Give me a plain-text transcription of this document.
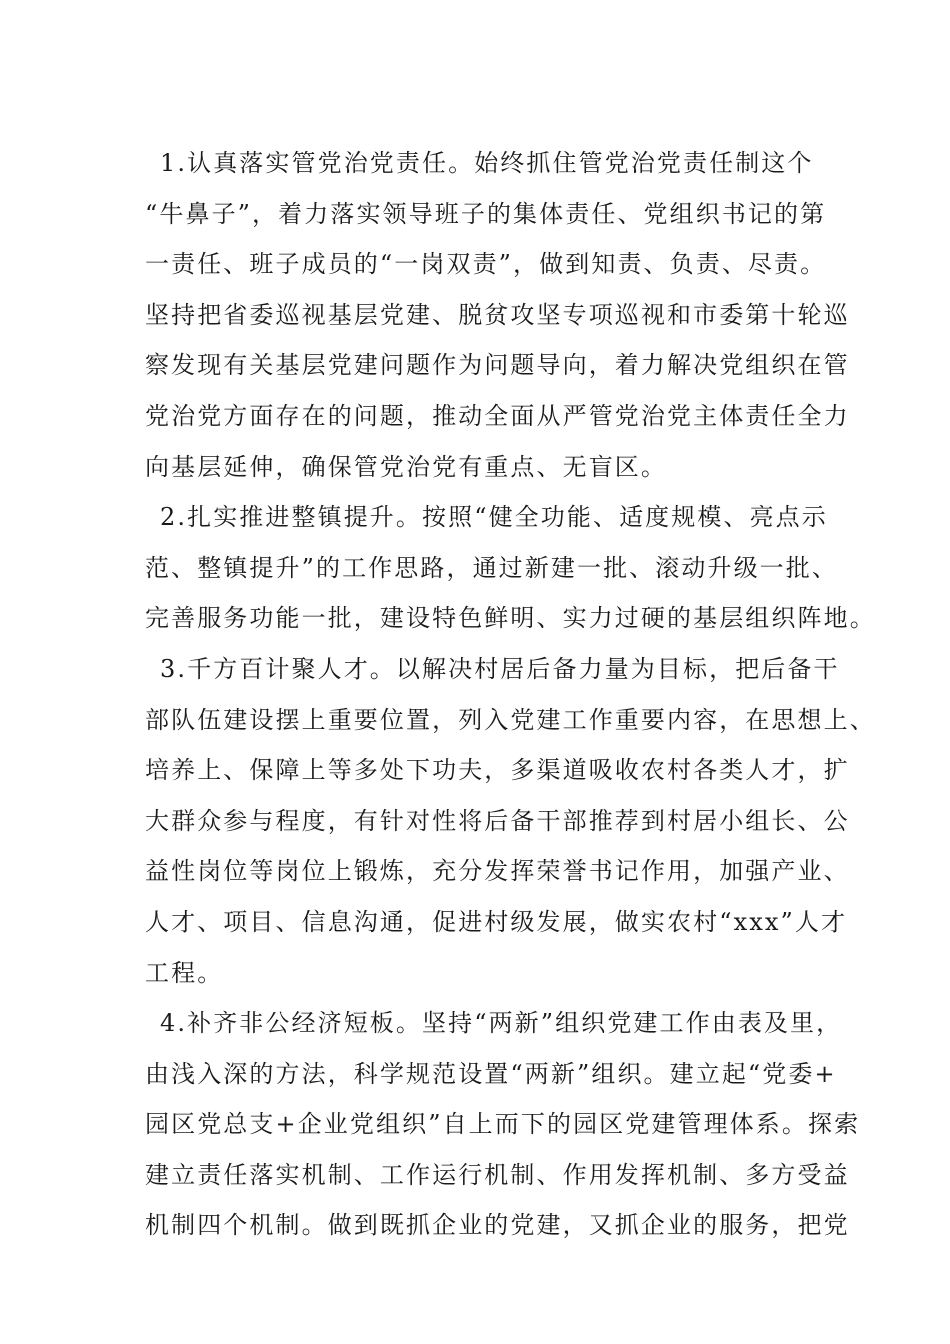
1.认真落实管党治党责任。始终抓住管党治党责任制这个
“牛鼻子”，着力落实领导班子的集体责任、党组织书记的第
一责任、班子成员的“一岗双责”，做到知责、负责、尽责。
坚持把省委巡视基层党建、脱贫攻坚专项巡视和市委第十轮巡
察发现有关基层党建问题作为问题导向，着力解决党组织在管
党治党方面存在的问题，推动全面从严管党治党主体责任全力
向基层延伸，确保管党治党有重点、无盲区。

2.扎实推进整镇提升。按照“健全功能、适度规模、亮点示
范、整镇提升”的工作思路，通过新建一批、滚动升级一批、
完善服务功能一批，建设特色鲜明、实力过硬的基层组织阵地。

3.千方百计聚人才。以解决村居后备力量为目标，把后备干
部队伍建设摆上重要位置，列入党建工作重要内容，在思想上、
培养上、保障上等多处下功夫，多渠道吸收农村各类人才，扩
大群众参与程度，有针对性将后备干部推荐到村居小组长、公
益性岗位等岗位上锻炼，充分发挥荣誉书记作用，加强产业、
人才、项目、信息沟通，促进村级发展，做实农村“xxx”人才
工程。

4.补齐非公经济短板。坚持“两新”组织党建工作由表及里，
由浅入深的方法，科学规范设置“两新”组织。建立起“党委+
园区党总支+企业党组织”自上而下的园区党建管理体系。探索
建立责任落实机制、工作运行机制、作用发挥机制、多方受益
机制四个机制。做到既抓企业的党建，又抓企业的服务，把党
